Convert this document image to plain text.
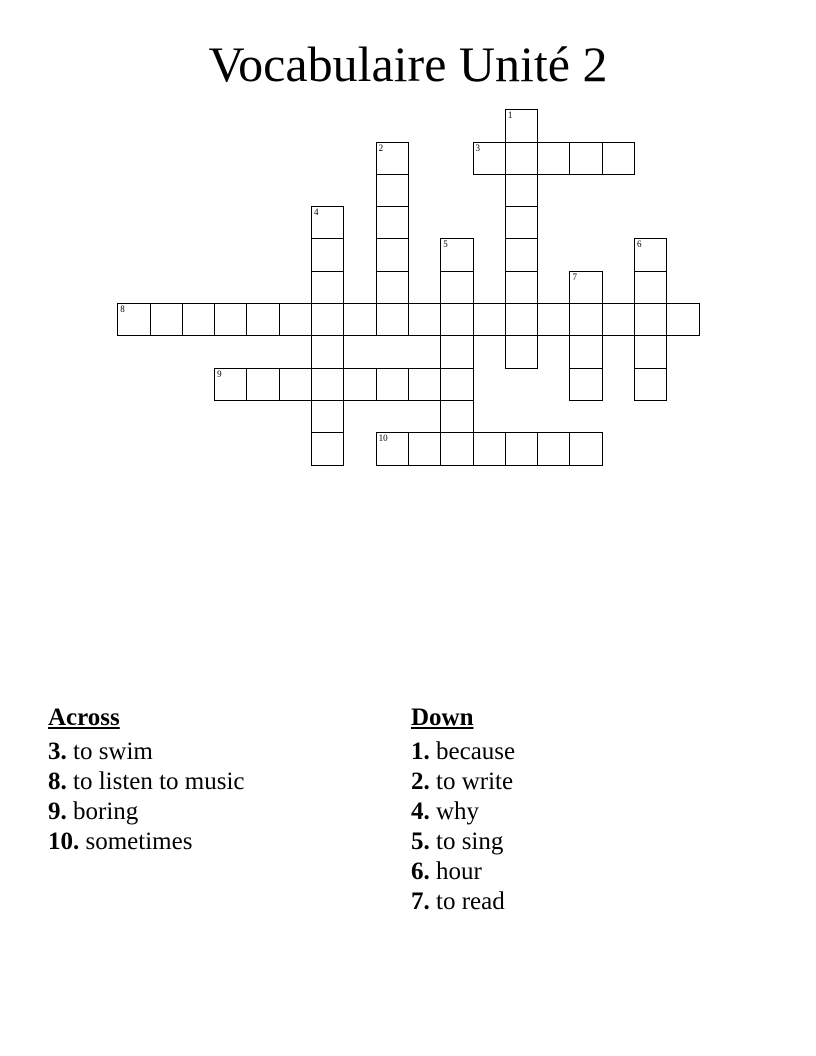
Vocabulaire Unité 2
1
2	3
4
5	6
7
8
9
10
Across
3. to swim
8. to listen to music
9. boring
10. sometimes
Down
1. because
2. to write
4. why
5. to sing
6. hour
7. to read
